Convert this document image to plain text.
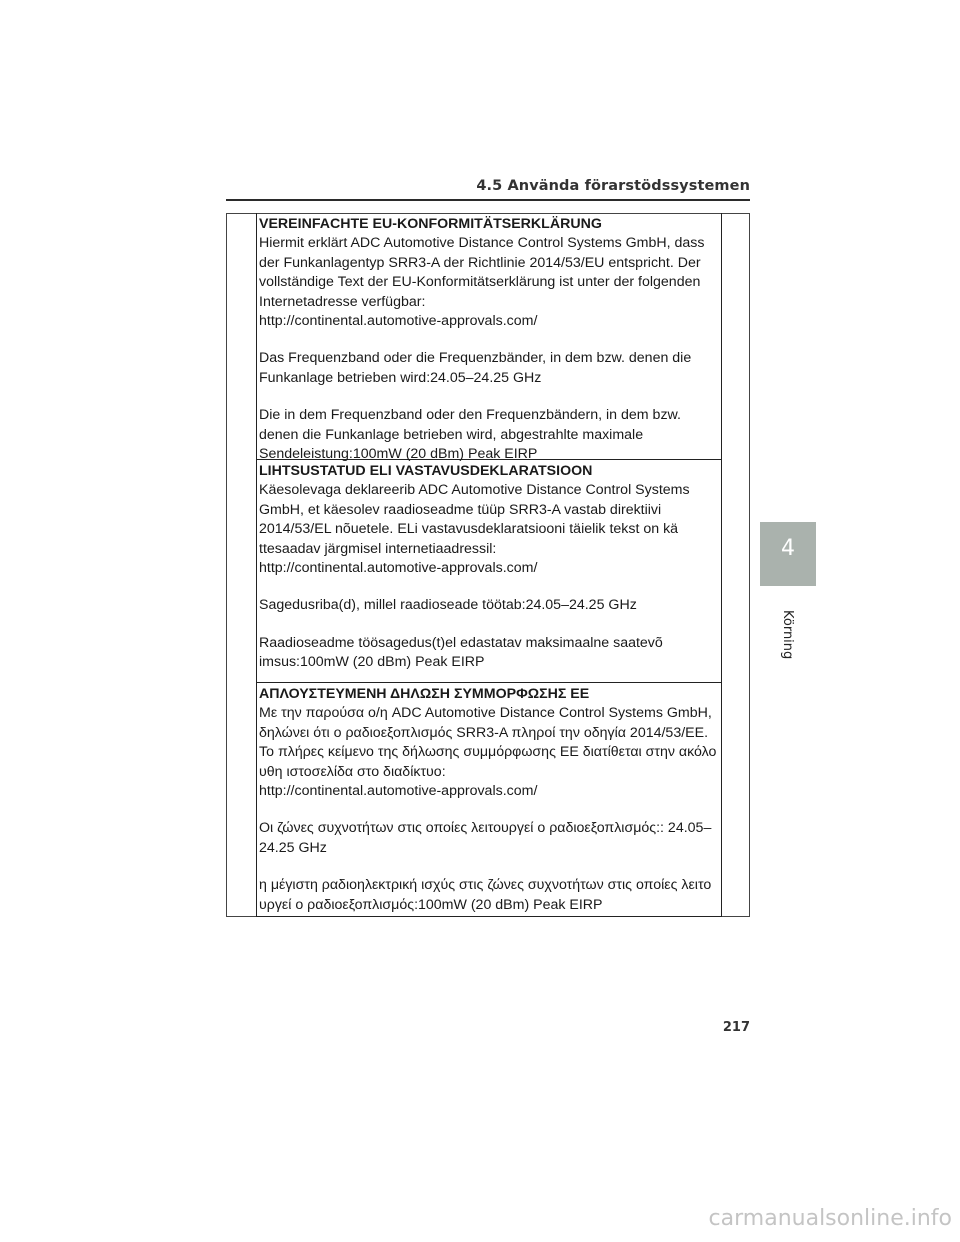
4.5 Använda förarstödssystemen
VEREINFACHTE EU-KONFORMITÄTSERKLÄRUNG

Hiermit erklärt ADC Automotive Distance Control Systems GmbH, dass
der Funkanlagentyp SRR3-A der Richtlinie 2014/53/EU entspricht. Der
vollständige Text der EU-Konformitätserklärung ist unter der folgenden
Internetadresse verfügbar:
http://continental.automotive-approvals.com/

Das Frequenzband oder die Frequenzbänder, in dem bzw. denen die
Funkanlage betrieben wird:24.05–24.25 GHz

Die in dem Frequenzband oder den Frequenzbändern, in dem bzw.
denen die Funkanlage betrieben wird, abgestrahlte maximale
Sendeleistung:100mW (20 dBm) Peak EIRP

LIHTSUSTATUD ELI VASTAVUSDEKLARATSIOON

Käesolevaga deklareerib ADC Automotive Distance Control Systems
GmbH, et käesolev raadioseadme tüüp SRR3-A vastab direktiivi
2014/53/EL nõuetele. ELi vastavusdeklaratsiooni täielik tekst on kä
ttesaadav järgmisel internetiaadressil:
http://continental.automotive-approvals.com/

Sagedusriba(d), millel raadioseade töötab:24.05–24.25 GHz

Raadioseadme töösagedus(t)el edastatav maksimaalne saatevõ
imsus:100mW (20 dBm) Peak EIRP

ΑΠΛΟΥΣΤΕΥΜΕΝΗ ΔΗΛΩΣΗ ΣΥΜΜΟΡΦΩΣΗΣ ΕΕ

Με την παρούσα ο/η ADC Automotive Distance Control Systems GmbH,
δηλώνει ότι ο ραδιοεξοπλισμός SRR3-A πληροί την οδηγία 2014/53/ΕΕ.
Το πλήρες κείμενο της δήλωσης συμμόρφωσης ΕΕ διατίθεται στην ακόλο
υθη ιστοσελίδα στο διαδίκτυο:
http://continental.automotive-approvals.com/

Οι ζώνες συχνοτήτων στις οποίες λειτουργεί ο ραδιοεξοπλισμός:: 24.05–
24.25 GHz

η μέγιστη ραδιοηλεκτρική ισχύς στις ζώνες συχνοτήτων στις οποίες λειτο
υργεί ο ραδιοεξοπλισμός:100mW (20 dBm) Peak EIRP

4
Körning
217
carmanualsonline.info
